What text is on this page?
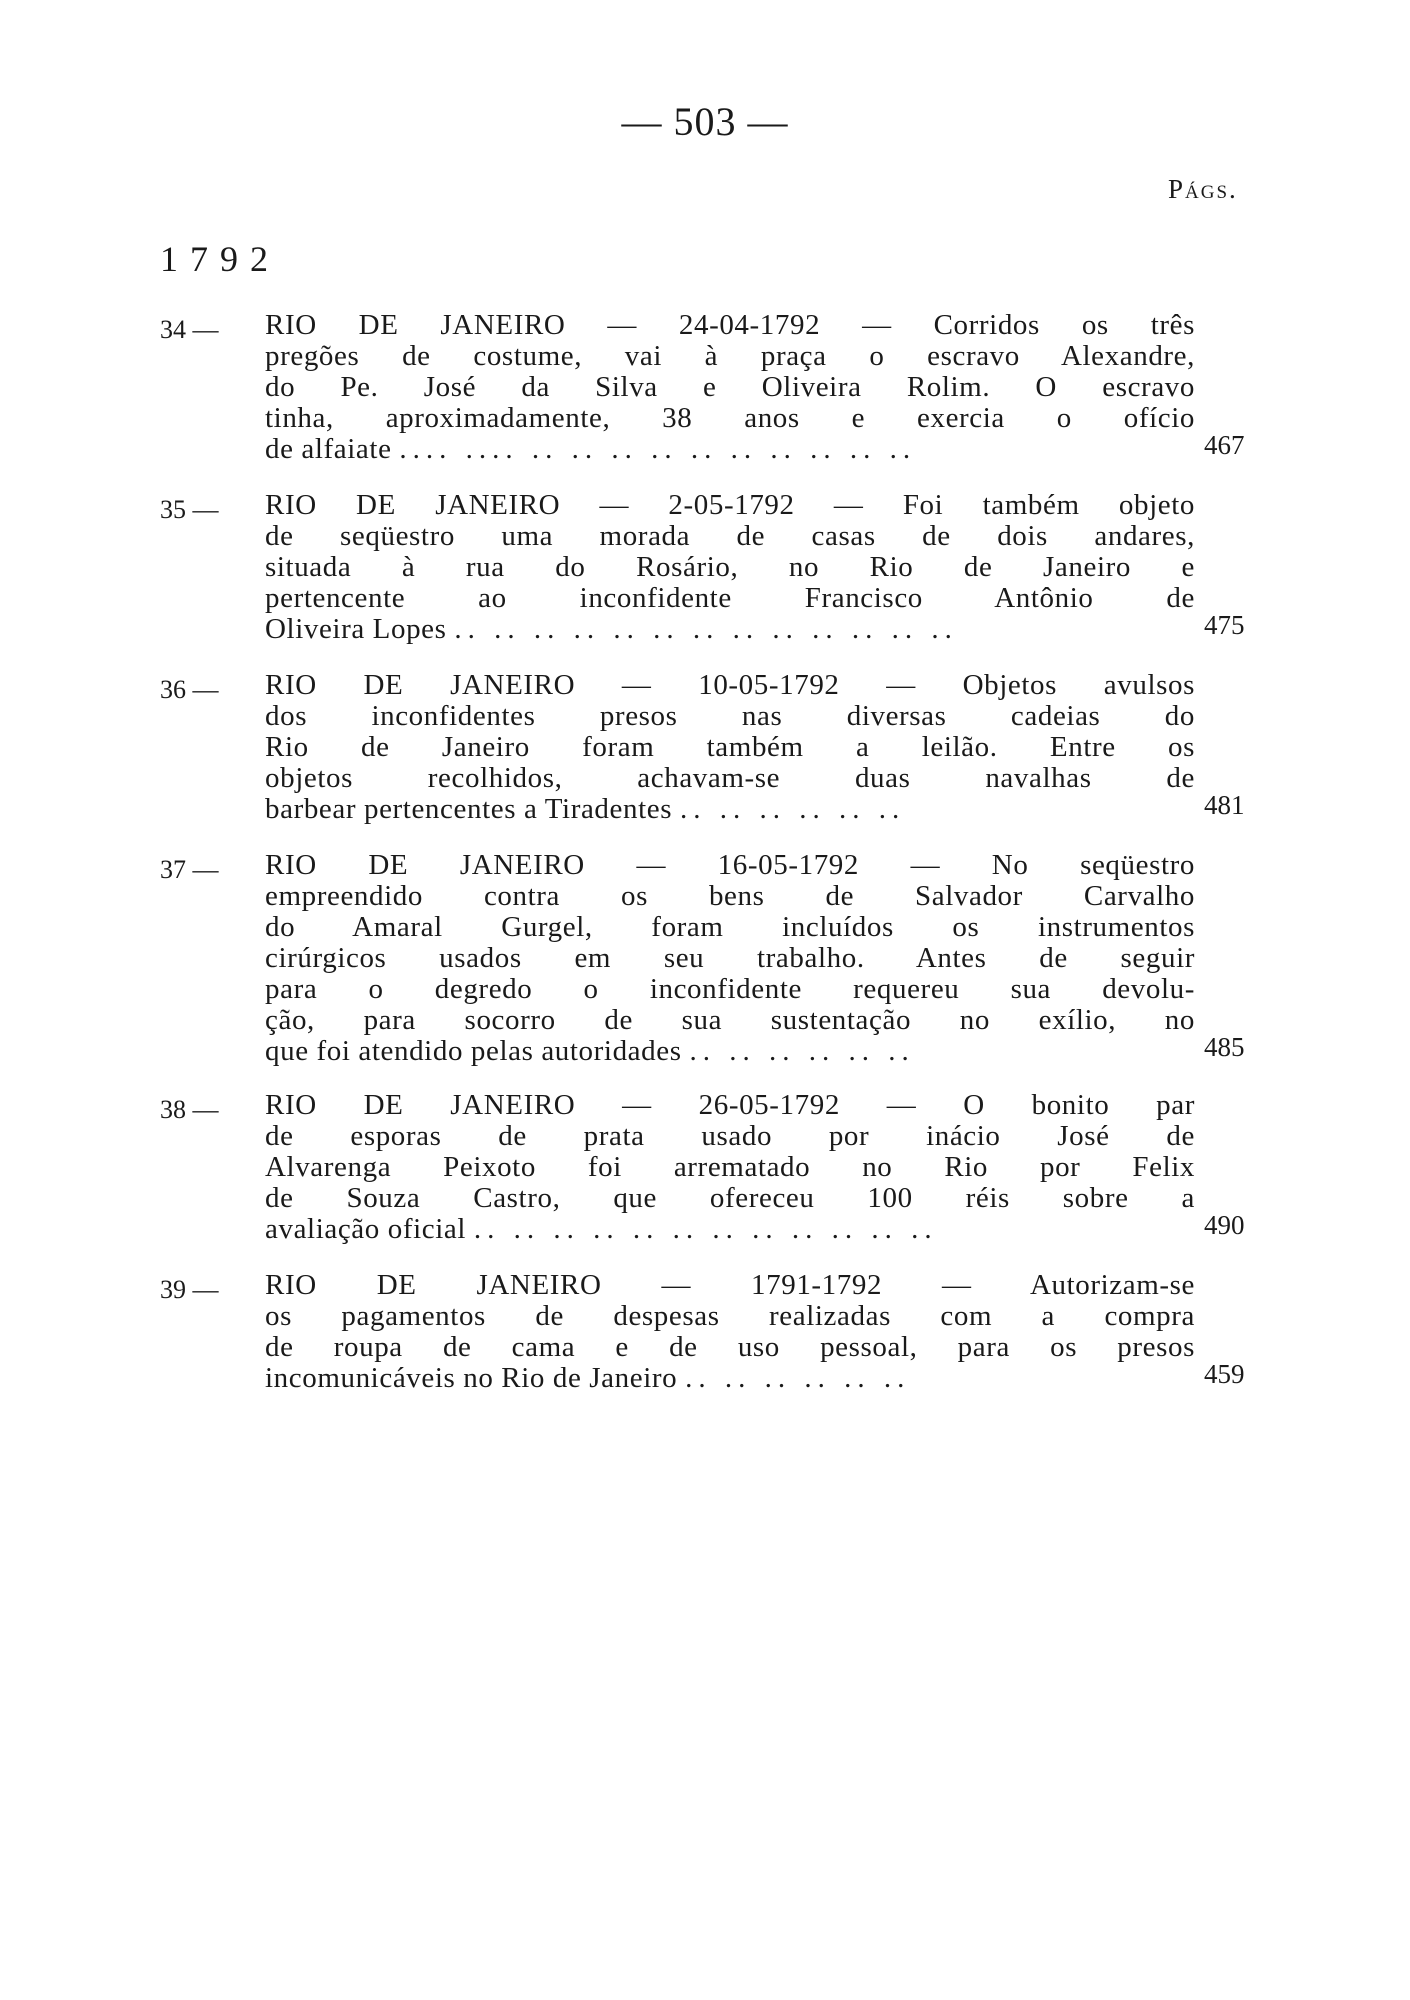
— 503 —
Págs.
1792
34 — RIO DE JANEIRO — 24-04-1792 — Corridos os três
pregões de costume, vai à praça o escravo Alexandre,
do Pe. José da Silva e Oliveira Rolim. O escravo
tinha, aproximadamente, 38 anos e exercia o ofício
de alfaiate .... .... .. .. .. .. .. .. .. .. .. ..	467
35 — RIO DE JANEIRO — 2-05-1792 — Foi também objeto
de seqüestro uma morada de casas de dois andares,
situada à rua do Rosário, no Rio de Janeiro e
pertencente ao inconfidente Francisco Antônio de
Oliveira Lopes .. .. .. .. .. .. .. .. .. .. .. .. ..	475
36 — RIO DE JANEIRO — 10-05-1792 — Objetos avulsos
dos inconfidentes presos nas diversas cadeias do
Rio de Janeiro foram também a leilão. Entre os
objetos recolhidos, achavam-se duas navalhas de
barbear pertencentes a Tiradentes .. .. .. .. .. ..	481
37 — RIO DE JANEIRO — 16-05-1792 — No seqüestro
empreendido contra os bens de Salvador Carvalho
do Amaral Gurgel, foram incluídos os instrumentos
cirúrgicos usados em seu trabalho. Antes de seguir
para o degredo o inconfidente requereu sua devolu-
ção, para socorro de sua sustentação no exílio, no
que foi atendido pelas autoridades .. .. .. .. .. ..	485
38 — RIO DE JANEIRO — 26-05-1792 — O bonito par
de esporas de prata usado por inácio José de
Alvarenga Peixoto foi arrematado no Rio por Felix
de Souza Castro, que ofereceu 100 réis sobre a
avaliação oficial .. .. .. .. .. .. .. .. .. .. .. ..	490
39 — RIO DE JANEIRO — 1791-1792 — Autorizam-se
os pagamentos de despesas realizadas com a compra
de roupa de cama e de uso pessoal, para os presos
incomunicáveis no Rio de Janeiro .. .. .. .. .. ..	459
